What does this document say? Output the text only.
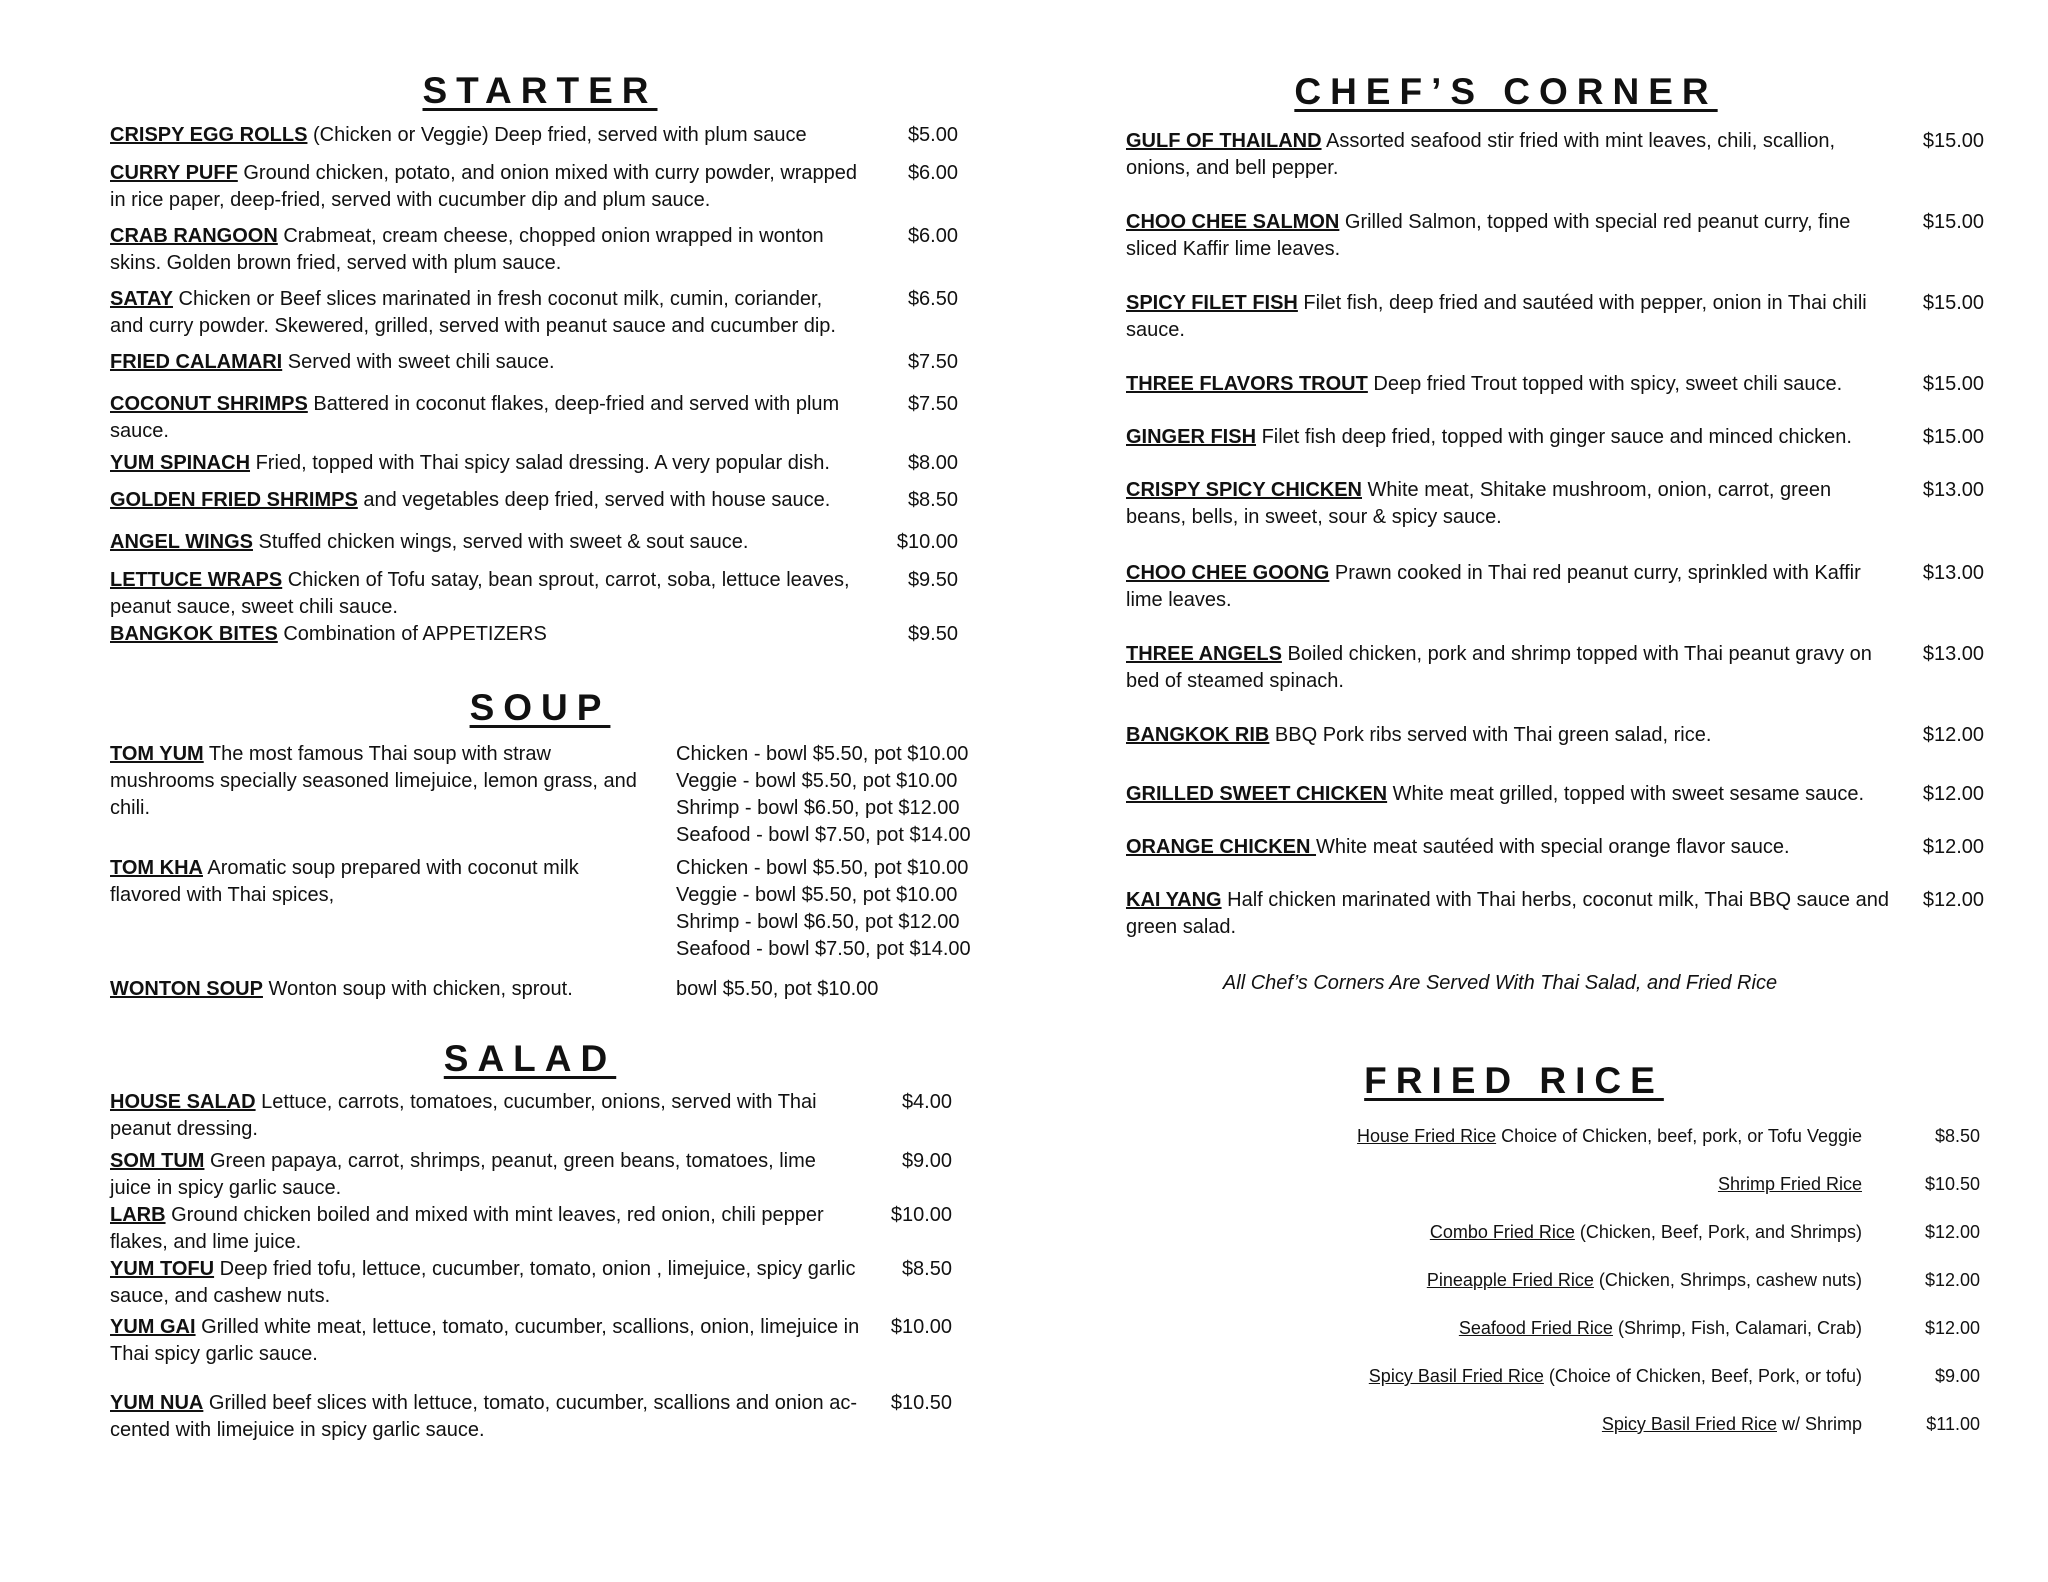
STARTER
CRISPY EGG ROLLS (Chicken or Veggie) Deep fried, served with plum sauce	$5.00
CURRY PUFF Ground chicken, potato, and onion mixed with curry powder, wrapped in rice paper, deep-fried, served with cucumber dip and plum sauce.
$6.00
CRAB RANGOON Crabmeat, cream cheese, chopped onion wrapped in wonton skins. Golden brown fried, served with plum sauce.
$6.00
SATAY Chicken or Beef slices marinated in fresh coconut milk, cumin, coriander, and curry powder. Skewered, grilled, served with peanut sauce and cucumber dip.
$6.50
FRIED CALAMARI Served with sweet chili sauce.	$7.50
COCONUT SHRIMPS Battered in coconut flakes, deep-fried and served with plum sauce.
$7.50
YUM SPINACH Fried, topped with Thai spicy salad dressing. A very popular dish.	$8.00
GOLDEN FRIED SHRIMPS and vegetables deep fried, served with house sauce.	$8.50
ANGEL WINGS Stuffed chicken wings, served with sweet & sout sauce.	$10.00
LETTUCE WRAPS Chicken of Tofu satay, bean sprout, carrot, soba, lettuce leaves, peanut sauce, sweet chili sauce.
$9.50
BANGKOK BITES Combination of APPETIZERS	$9.50
SOUP
TOM YUM The most famous Thai soup with straw mushrooms specially seasoned limejuice, lemon grass, and chili.
Chicken - bowl $5.50, pot $10.00
Veggie - bowl $5.50, pot $10.00
Shrimp - bowl $6.50, pot $12.00
Seafood - bowl $7.50, pot $14.00
TOM KHA Aromatic soup prepared with coconut milk flavored with Thai spices,
Chicken - bowl $5.50, pot $10.00
Veggie - bowl $5.50, pot $10.00
Shrimp - bowl $6.50, pot $12.00
Seafood - bowl $7.50, pot $14.00
WONTON SOUP Wonton soup with chicken, sprout.	bowl $5.50, pot $10.00
SALAD
HOUSE SALAD Lettuce, carrots, tomatoes, cucumber, onions, served with Thai peanut dressing.
$4.00
SOM TUM Green papaya, carrot, shrimps, peanut, green beans, tomatoes, lime juice in spicy garlic sauce.
$9.00
LARB Ground chicken boiled and mixed with mint leaves, red onion, chili pepper flakes, and lime juice.
$10.00
YUM TOFU Deep fried tofu, lettuce, cucumber, tomato, onion , limejuice, spicy garlic sauce, and cashew nuts.
$8.50
YUM GAI Grilled white meat, lettuce, tomato, cucumber, scallions, onion, limejuice in Thai spicy garlic sauce.
$10.00
YUM NUA Grilled beef slices with lettuce, tomato, cucumber, scallions and onion ac-cented with limejuice in spicy garlic sauce.
$10.50
CHEF’S CORNER
GULF OF THAILAND Assorted seafood stir fried with mint leaves, chili, scallion, onions, and bell pepper.
$15.00
CHOO CHEE SALMON Grilled Salmon, topped with special red peanut curry, fine sliced Kaffir lime leaves.
$15.00
SPICY FILET FISH Filet fish, deep fried and sautéed with pepper, onion in Thai chili sauce.
$15.00
THREE FLAVORS TROUT Deep fried Trout topped with spicy, sweet chili sauce.	$15.00
GINGER FISH Filet fish deep fried, topped with ginger sauce and minced chicken.	$15.00
CRISPY SPICY CHICKEN White meat, Shitake mushroom, onion, carrot, green beans, bells, in sweet, sour & spicy sauce.
$13.00
CHOO CHEE GOONG Prawn cooked in Thai red peanut curry, sprinkled with Kaffir lime leaves.
$13.00
THREE ANGELS Boiled chicken, pork and shrimp topped with Thai peanut gravy on bed of steamed spinach.
$13.00
BANGKOK RIB BBQ Pork ribs served with Thai green salad, rice.	$12.00
GRILLED SWEET CHICKEN White meat grilled, topped with sweet sesame sauce.	$12.00
ORANGE CHICKEN White meat sautéed with special orange flavor sauce.	$12.00
KAI YANG Half chicken marinated with Thai herbs, coconut milk, Thai BBQ sauce and green salad.
$12.00
All Chef’s Corners Are Served With Thai Salad, and Fried Rice
FRIED RICE
House Fried Rice Choice of Chicken, beef, pork, or Tofu Veggie	$8.50
Shrimp Fried Rice	$10.50
Combo Fried Rice (Chicken, Beef, Pork, and Shrimps)	$12.00
Pineapple Fried Rice (Chicken, Shrimps, cashew nuts)	$12.00
Seafood Fried Rice (Shrimp, Fish, Calamari, Crab)	$12.00
Spicy Basil Fried Rice (Choice of Chicken, Beef, Pork, or tofu)	$9.00
Spicy Basil Fried Rice w/ Shrimp	$11.00
